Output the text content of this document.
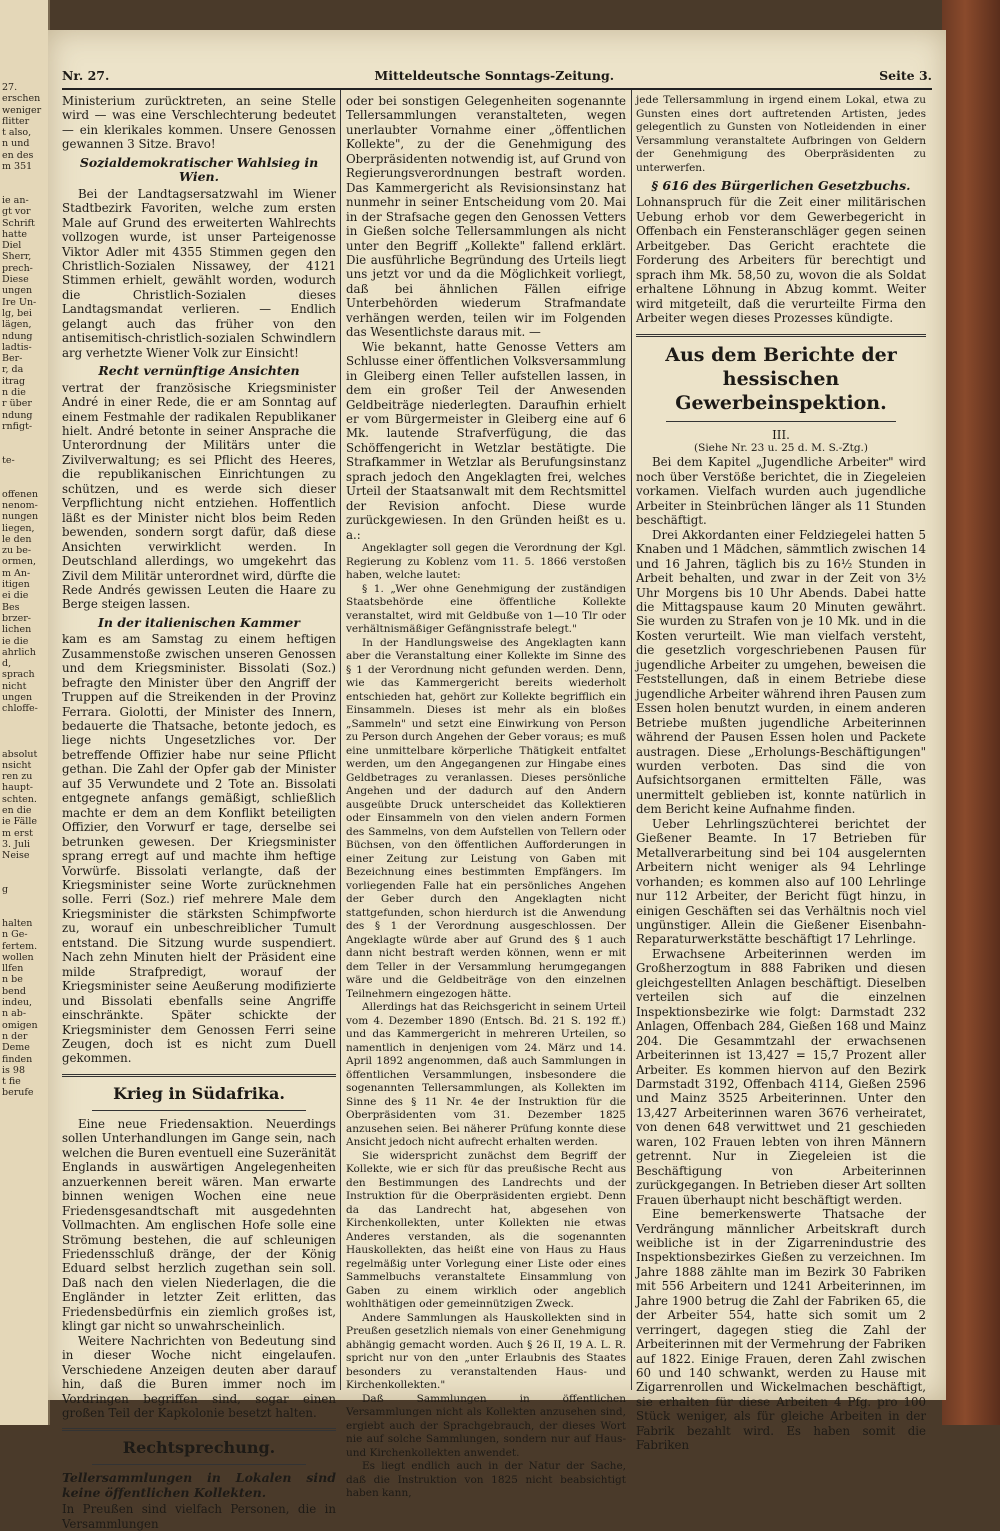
27.
erschen
weniger
flitter
t also,
n und
en des
m 351

ie an-
gt vor
Schrift
hatte
Diel
Sherr,
prech-
Diese
ungen
Ire Un-
lg, bei
lägen,
ndung
ladtis-
Ber-
r, da
itrag
n die
r über
ndung
rnfigt-

te-

offenen
nenom-
nungen
liegen,
le den
zu be-
ormen,
m An-
itigen
ei die
Bes
brzer-
lichen
ie die
ahrlich
d,
sprach
nicht
ungen
chloffe-

absolut
nsicht
ren zu
haupt-
schten.
en die
ie Fälle
m erst
3. Juli
Neise

g

halten
n Ge-
fertem.
wollen
llfen
n be
bend
indeu,
n ab-
omigen
n der
Deme
finden
is 98
t fie
berufe
Nr. 27.	Mitteldeutsche Sonntags-Zeitung.	Seite 3.

Ministerium zurücktreten, an seine Stelle wird — was eine Verschlechterung bedeutet — ein klerikales kommen. Unsere Genossen gewannen 3 Sitze. Bravo!

Sozialdemokratischer Wahlsieg in Wien.

Bei der Landtagsersatzwahl im Wiener Stadtbezirk Favoriten, welche zum ersten Male auf Grund des erweiterten Wahlrechts vollzogen wurde, ist unser Parteigenosse Viktor Adler mit 4355 Stimmen gegen den Christlich-Sozialen Nissawey, der 4121 Stimmen erhielt, gewählt worden, wodurch die Christlich-Sozialen dieses Landtagsmandat verlieren. — Endlich gelangt auch das früher von den antisemitisch-christlich-sozialen Schwindlern arg verhetzte Wiener Volk zur Einsicht!

Recht vernünftige Ansichten

vertrat der französische Kriegsminister André in einer Rede, die er am Sonntag auf einem Festmahle der radikalen Republikaner hielt. André betonte in seiner Ansprache die Unterordnung der Militärs unter die Zivilverwaltung; es sei Pflicht des Heeres, die republikanischen Einrichtungen zu schützen, und es werde sich dieser Verpflichtung nicht entziehen. Hoffentlich läßt es der Minister nicht blos beim Reden bewenden, sondern sorgt dafür, daß diese Ansichten verwirklicht werden. In Deutschland allerdings, wo umgekehrt das Zivil dem Militär unterordnet wird, dürfte die Rede Andrés gewissen Leuten die Haare zu Berge steigen lassen.

In der italienischen Kammer

kam es am Samstag zu einem heftigen Zusammenstoße zwischen unseren Genossen und dem Kriegsminister. Bissolati (Soz.) befragte den Minister über den Angriff der Truppen auf die Streikenden in der Provinz Ferrara. Giolotti, der Minister des Innern, bedauerte die Thatsache, betonte jedoch, es liege nichts Ungesetzliches vor. Der betreffende Offizier habe nur seine Pflicht gethan. Die Zahl der Opfer gab der Minister auf 35 Verwundete und 2 Tote an. Bissolati entgegnete anfangs gemäßigt, schließlich machte er dem an dem Konflikt beteiligten Offizier, den Vorwurf er tage, derselbe sei betrunken gewesen. Der Kriegsminister sprang erregt auf und machte ihm heftige Vorwürfe. Bissolati verlangte, daß der Kriegsminister seine Worte zurücknehmen solle. Ferri (Soz.) rief mehrere Male dem Kriegsminister die stärksten Schimpfworte zu, worauf ein unbeschreiblicher Tumult entstand. Die Sitzung wurde suspendiert. Nach zehn Minuten hielt der Präsident eine milde Strafpredigt, worauf der Kriegsminister seine Aeußerung modifizierte und Bissolati ebenfalls seine Angriffe einschränkte. Später schickte der Kriegsminister dem Genossen Ferri seine Zeugen, doch ist es nicht zum Duell gekommen.

Krieg in Südafrika.

Eine neue Friedensaktion. Neuerdings sollen Unterhandlungen im Gange sein, nach welchen die Buren eventuell eine Suzeränität Englands in auswärtigen Angelegenheiten anzuerkennen bereit wären. Man erwarte binnen wenigen Wochen eine neue Friedensgesandtschaft mit ausgedehnten Vollmachten. Am englischen Hofe solle eine Strömung bestehen, die auf schleunigen Friedensschluß dränge, der der König Eduard selbst herzlich zugethan sein soll. Daß nach den vielen Niederlagen, die die Engländer in letzter Zeit erlitten, das Friedensbedürfnis ein ziemlich großes ist, klingt gar nicht so unwahrscheinlich.

Weitere Nachrichten von Bedeutung sind in dieser Woche nicht eingelaufen. Verschiedene Anzeigen deuten aber darauf hin, daß die Buren immer noch im Vordringen begriffen sind, sogar einen großen Teil der Kapkolonie besetzt halten.

Rechtsprechung.

Tellersammlungen in Lokalen sind keine öffentlichen Kollekten.

In Preußen sind vielfach Personen, die in Versammlungen

oder bei sonstigen Gelegenheiten sogenannte Tellersammlungen veranstalteten, wegen unerlaubter Vornahme einer „öffentlichen Kollekte", zu der die Genehmigung des Oberpräsidenten notwendig ist, auf Grund von Regierungsverordnungen bestraft worden. Das Kammergericht als Revisionsinstanz hat nunmehr in seiner Entscheidung vom 20. Mai in der Strafsache gegen den Genossen Vetters in Gießen solche Tellersammlungen als nicht unter den Begriff „Kollekte" fallend erklärt. Die ausführliche Begründung des Urteils liegt uns jetzt vor und da die Möglichkeit vorliegt, daß bei ähnlichen Fällen eifrige Unterbehörden wiederum Strafmandate verhängen werden, teilen wir im Folgenden das Wesentlichste daraus mit. —

Wie bekannt, hatte Genosse Vetters am Schlusse einer öffentlichen Volksversammlung in Gleiberg einen Teller aufstellen lassen, in dem ein großer Teil der Anwesenden Geldbeiträge niederlegten. Daraufhin erhielt er vom Bürgermeister in Gleiberg eine auf 6 Mk. lautende Strafverfügung, die das Schöffengericht in Wetzlar bestätigte. Die Strafkammer in Wetzlar als Berufungsinstanz sprach jedoch den Angeklagten frei, welches Urteil der Staatsanwalt mit dem Rechtsmittel der Revision anfocht. Diese wurde zurückgewiesen. In den Gründen heißt es u. a.:

Angeklagter soll gegen die Verordnung der Kgl. Regierung zu Koblenz vom 11. 5. 1866 verstoßen haben, welche lautet:

§ 1. „Wer ohne Genehmigung der zuständigen Staatsbehörde eine öffentliche Kollekte veranstaltet, wird mit Geldbuße von 1—10 Tlr oder verhältnismäßiger Gefängnisstrafe belegt."

In der Handlungsweise des Angeklagten kann aber die Veranstaltung einer Kollekte im Sinne des § 1 der Verordnung nicht gefunden werden. Denn, wie das Kammergericht bereits wiederholt entschieden hat, gehört zur Kollekte begrifflich ein Einsammeln. Dieses ist mehr als ein bloßes „Sammeln" und setzt eine Einwirkung von Person zu Person durch Angehen der Geber voraus; es muß eine unmittelbare körperliche Thätigkeit entfaltet werden, um den Angegangenen zur Hingabe eines Geldbetrages zu veranlassen. Dieses persönliche Angehen und der dadurch auf den Andern ausgeübte Druck unterscheidet das Kollektieren oder Einsammeln von den vielen andern Formen des Sammelns, von dem Aufstellen von Tellern oder Büchsen, von den öffentlichen Aufforderungen in einer Zeitung zur Leistung von Gaben mit Bezeichnung eines bestimmten Empfängers. Im vorliegenden Falle hat ein persönliches Angehen der Geber durch den Angeklagten nicht stattgefunden, schon hierdurch ist die Anwendung des § 1 der Verordnung ausgeschlossen. Der Angeklagte würde aber auf Grund des § 1 auch dann nicht bestraft werden können, wenn er mit dem Teller in der Versammlung herumgegangen wäre und die Geldbeiträge von den einzelnen Teilnehmern eingezogen hätte.

Allerdings hat das Reichsgericht in seinem Urteil vom 4. Dezember 1890 (Entsch. Bd. 21 S. 192 ff.) und das Kammergericht in mehreren Urteilen, so namentlich in denjenigen vom 24. März und 14. April 1892 angenommen, daß auch Sammlungen in öffentlichen Versammlungen, insbesondere die sogenannten Tellersammlungen, als Kollekten im Sinne des § 11 Nr. 4e der Instruktion für die Oberpräsidenten vom 31. Dezember 1825 anzusehen seien. Bei näherer Prüfung konnte diese Ansicht jedoch nicht aufrecht erhalten werden.

Sie widerspricht zunächst dem Begriff der Kollekte, wie er sich für das preußische Recht aus den Bestimmungen des Landrechts und der Instruktion für die Oberpräsidenten ergiebt. Denn da das Landrecht hat, abgesehen von Kirchenkollekten, unter Kollekten nie etwas Anderes verstanden, als die sogenannten Hauskollekten, das heißt eine von Haus zu Haus regelmäßig unter Vorlegung einer Liste oder eines Sammelbuchs veranstaltete Einsammlung von Gaben zu einem wirklich oder angeblich wohlthätigen oder gemeinnützigen Zweck.

Andere Sammlungen als Hauskollekten sind in Preußen gesetzlich niemals von einer Genehmigung abhängig gemacht worden. Auch § 26 II, 19 A. L. R. spricht nur von den „unter Erlaubnis des Staates besonders zu veranstaltenden Haus- und Kirchenkollekten."

Daß Sammlungen in öffentlichen Versammlungen nicht als Kollekten anzusehen sind, ergiebt auch der Sprachgebrauch, der dieses Wort nie auf solche Sammlungen, sondern nur auf Haus- und Kirchenkollekten anwendet.

Es liegt endlich auch in der Natur der Sache, daß die Instruktion von 1825 nicht beabsichtigt haben kann,

jede Tellersammlung in irgend einem Lokal, etwa zu Gunsten eines dort auftretenden Artisten, jedes gelegentlich zu Gunsten von Notleidenden in einer Versammlung veranstaltete Aufbringen von Geldern der Genehmigung des Oberpräsidenten zu unterwerfen.

§ 616 des Bürgerlichen Gesetzbuchs.

Lohnanspruch für die Zeit einer militärischen Uebung erhob vor dem Gewerbegericht in Offenbach ein Fensteranschläger gegen seinen Arbeitgeber. Das Gericht erachtete die Forderung des Arbeiters für berechtigt und sprach ihm Mk. 58,50 zu, wovon die als Soldat erhaltene Löhnung in Abzug kommt. Weiter wird mitgeteilt, daß die verurteilte Firma den Arbeiter wegen dieses Prozesses kündigte.

Aus dem Berichte der hessischen Gewerbeinspektion.

III.

(Siehe Nr. 23 u. 25 d. M. S.-Ztg.)

Bei dem Kapitel „Jugendliche Arbeiter" wird noch über Verstöße berichtet, die in Ziegeleien vorkamen. Vielfach wurden auch jugendliche Arbeiter in Steinbrüchen länger als 11 Stunden beschäftigt.

Drei Akkordanten einer Feldziegelei hatten 5 Knaben und 1 Mädchen, sämmtlich zwischen 14 und 16 Jahren, täglich bis zu 16½ Stunden in Arbeit behalten, und zwar in der Zeit von 3½ Uhr Morgens bis 10 Uhr Abends. Dabei hatte die Mittagspause kaum 20 Minuten gewährt. Sie wurden zu Strafen von je 10 Mk. und in die Kosten verurteilt. Wie man vielfach versteht, die gesetzlich vorgeschriebenen Pausen für jugendliche Arbeiter zu umgehen, beweisen die Feststellungen, daß in einem Betriebe diese jugendliche Arbeiter während ihren Pausen zum Essen holen benutzt wurden, in einem anderen Betriebe mußten jugendliche Arbeiterinnen während der Pausen Essen holen und Packete austragen. Diese „Erholungs-Beschäftigungen" wurden verboten. Das sind die von Aufsichtsorganen ermittelten Fälle, was unermittelt geblieben ist, konnte natürlich in dem Bericht keine Aufnahme finden.

Ueber Lehrlingszüchterei berichtet der Gießener Beamte. In 17 Betrieben für Metallverarbeitung sind bei 104 ausgelernten Arbeitern nicht weniger als 94 Lehrlinge vorhanden; es kommen also auf 100 Lehrlinge nur 112 Arbeiter, der Bericht fügt hinzu, in einigen Geschäften sei das Verhältnis noch viel ungünstiger. Allein die Gießener Eisenbahn-Reparaturwerkstätte beschäftigt 17 Lehrlinge.

Erwachsene Arbeiterinnen werden im Großherzogtum in 888 Fabriken und diesen gleichgestellten Anlagen beschäftigt. Dieselben verteilen sich auf die einzelnen Inspektionsbezirke wie folgt: Darmstadt 232 Anlagen, Offenbach 284, Gießen 168 und Mainz 204. Die Gesammtzahl der erwachsenen Arbeiterinnen ist 13,427 = 15,7 Prozent aller Arbeiter. Es kommen hiervon auf den Bezirk Darmstadt 3192, Offenbach 4114, Gießen 2596 und Mainz 3525 Arbeiterinnen. Unter den 13,427 Arbeiterinnen waren 3676 verheiratet, von denen 648 verwittwet und 21 geschieden waren, 102 Frauen lebten von ihren Männern getrennt. Nur in Ziegeleien ist die Beschäftigung von Arbeiterinnen zurückgegangen. In Betrieben dieser Art sollten Frauen überhaupt nicht beschäftigt werden.

Eine bemerkenswerte Thatsache der Verdrängung männlicher Arbeitskraft durch weibliche ist in der Zigarrenindustrie des Inspektionsbezirkes Gießen zu verzeichnen. Im Jahre 1888 zählte man im Bezirk 30 Fabriken mit 556 Arbeitern und 1241 Arbeiterinnen, im Jahre 1900 betrug die Zahl der Fabriken 65, die der Arbeiter 554, hatte sich somit um 2 verringert, dagegen stieg die Zahl der Arbeiterinnen mit der Vermehrung der Fabriken auf 1822. Einige Frauen, deren Zahl zwischen 60 und 140 schwankt, werden zu Hause mit Zigarrenrollen und Wickelmachen beschäftigt, sie erhalten für diese Arbeiten 4 Pfg. pro 100 Stück weniger, als für gleiche Arbeiten in der Fabrik bezahlt wird. Es haben somit die Fabriken
